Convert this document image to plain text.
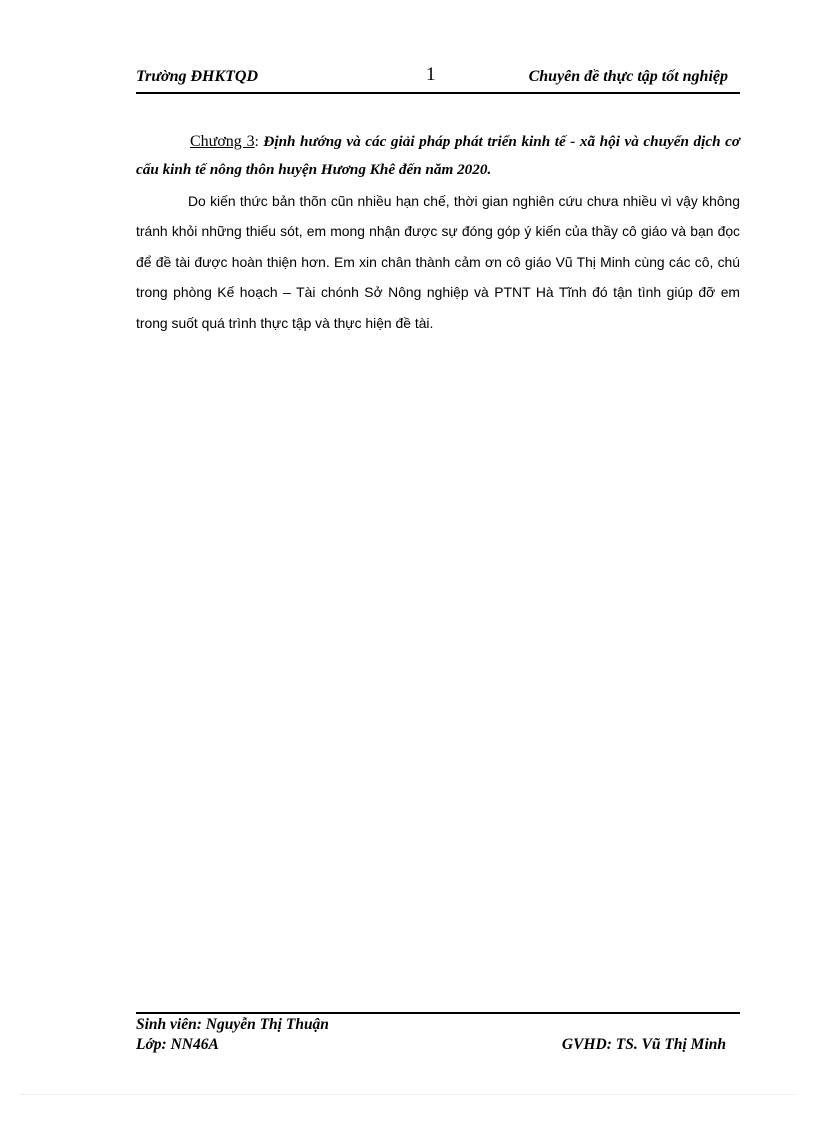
Trường ĐHKTQD	1	Chuyên đề thực tập tốt nghiệp

Chương 3: Định hướng và các giải pháp phát triển kinh tế - xã hội và chuyển dịch cơ cấu kinh tế nông thôn huyện Hương Khê đến năm 2020.

Do kiến thức bản thõn cũn nhiều hạn chế, thời gian nghiên cứu chưa nhiều vì vậy không tránh khỏi những thiếu sót, em mong nhận được sự đóng góp ý kiến của thầy cô giáo và bạn đọc để đề tài được hoàn thiện hơn. Em xin chân thành cảm ơn cô giáo Vũ Thị Minh cùng các cô, chú trong phòng Kế hoạch – Tài chónh Sở Nông nghiệp và PTNT Hà Tĩnh đó tận tình giúp đỡ em trong suốt quá trình thực tập và thực hiện đề tài.

Sinh viên: Nguyễn Thị Thuận
Lớp: NN46A	GVHD: TS. Vũ Thị Minh
